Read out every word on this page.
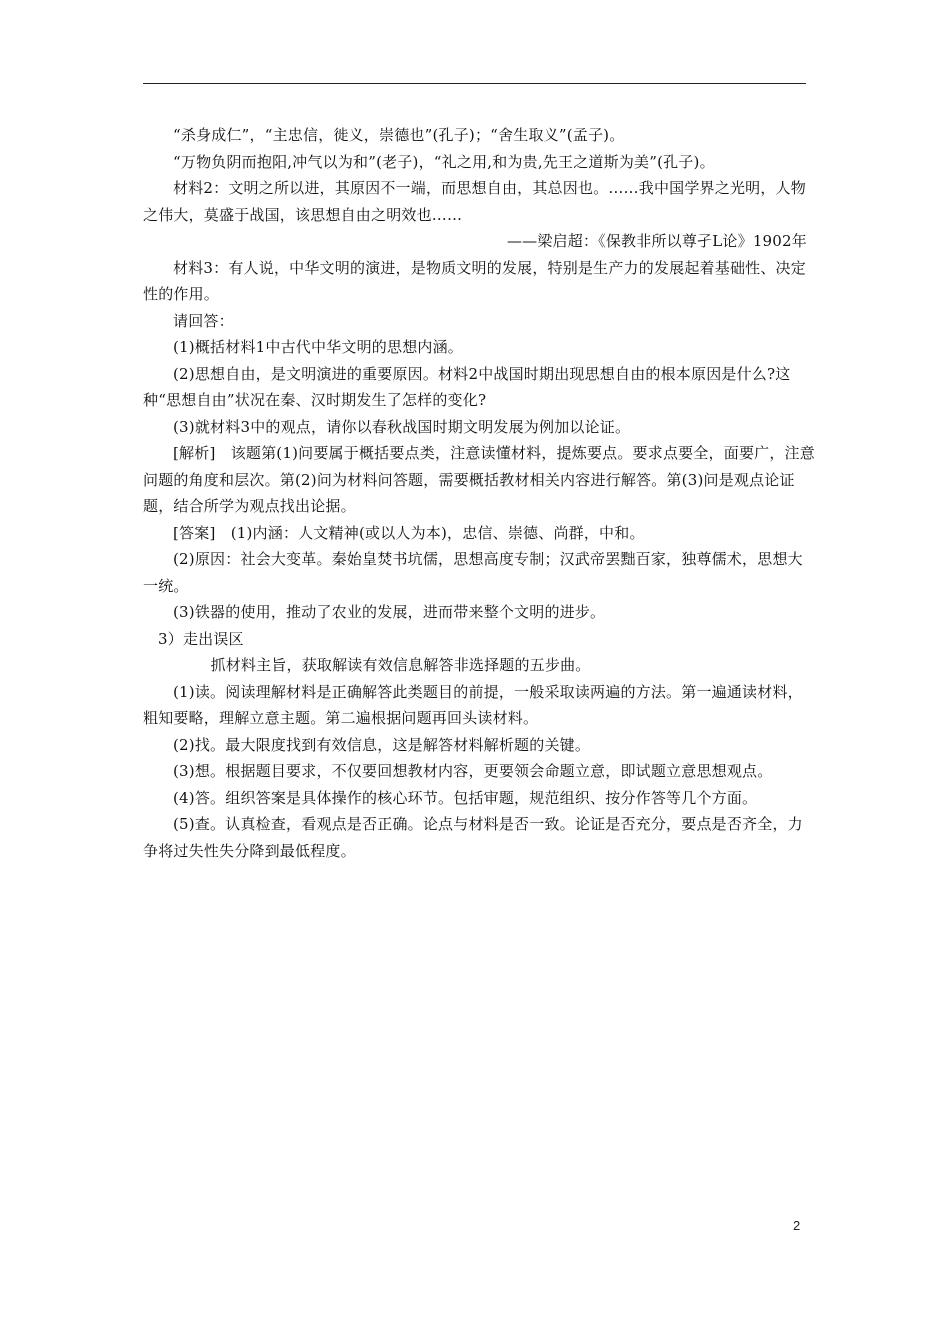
“杀身成仁”，“主忠信，徙义，崇德也”(孔子)；“舍生取义”(孟子)。

“万物负阴而抱阳,冲气以为和”(老子)，“礼之用,和为贵,先王之道斯为美”(孔子)。

材料2：文明之所以进，其原因不一端，而思想自由，其总因也。……我中国学界之光明，人物之伟大，莫盛于战国，该思想自由之明效也……

——梁启超：《保教非所以尊孑L论》1902年

材料3：有人说，中华文明的演进，是物质文明的发展，特别是生产力的发展起着基础性、决定性的作用。

请回答：

(1)概括材料1中古代中华文明的思想内涵。

(2)思想自由，是文明演进的重要原因。材料2中战国时期出现思想自由的根本原因是什么?这种“思想自由”状况在秦、汉时期发生了怎样的变化?

(3)就材料3中的观点，请你以春秋战国时期文明发展为例加以论证。

[解析]　该题第(1)问要属于概括要点类，注意读懂材料，提炼要点。要求点要全，面要广，注意问题的角度和层次。第(2)问为材料问答题，需要概括教材相关内容进行解答。第(3)问是观点论证题，结合所学为观点找出论据。

[答案]　(1)内涵：人文精神(或以人为本)，忠信、崇德、尚群，中和。

(2)原因：社会大变革。秦始皇焚书坑儒，思想高度专制；汉武帝罢黜百家，独尊儒术，思想大一统。

(3)铁器的使用，推动了农业的发展，进而带来整个文明的进步。

3）走出误区

抓材料主旨，获取解读有效信息解答非选择题的五步曲。

(1)读。阅读理解材料是正确解答此类题目的前提，一般采取读两遍的方法。第一遍通读材料，粗知要略，理解立意主题。第二遍根据问题再回头读材料。

(2)找。最大限度找到有效信息，这是解答材料解析题的关键。

(3)想。根据题目要求，不仅要回想教材内容，更要领会命题立意，即试题立意思想观点。

(4)答。组织答案是具体操作的核心环节。包括审题，规范组织、按分作答等几个方面。

(5)查。认真检查，看观点是否正确。论点与材料是否一致。论证是否充分，要点是否齐全，力争将过失性失分降到最低程度。

2
